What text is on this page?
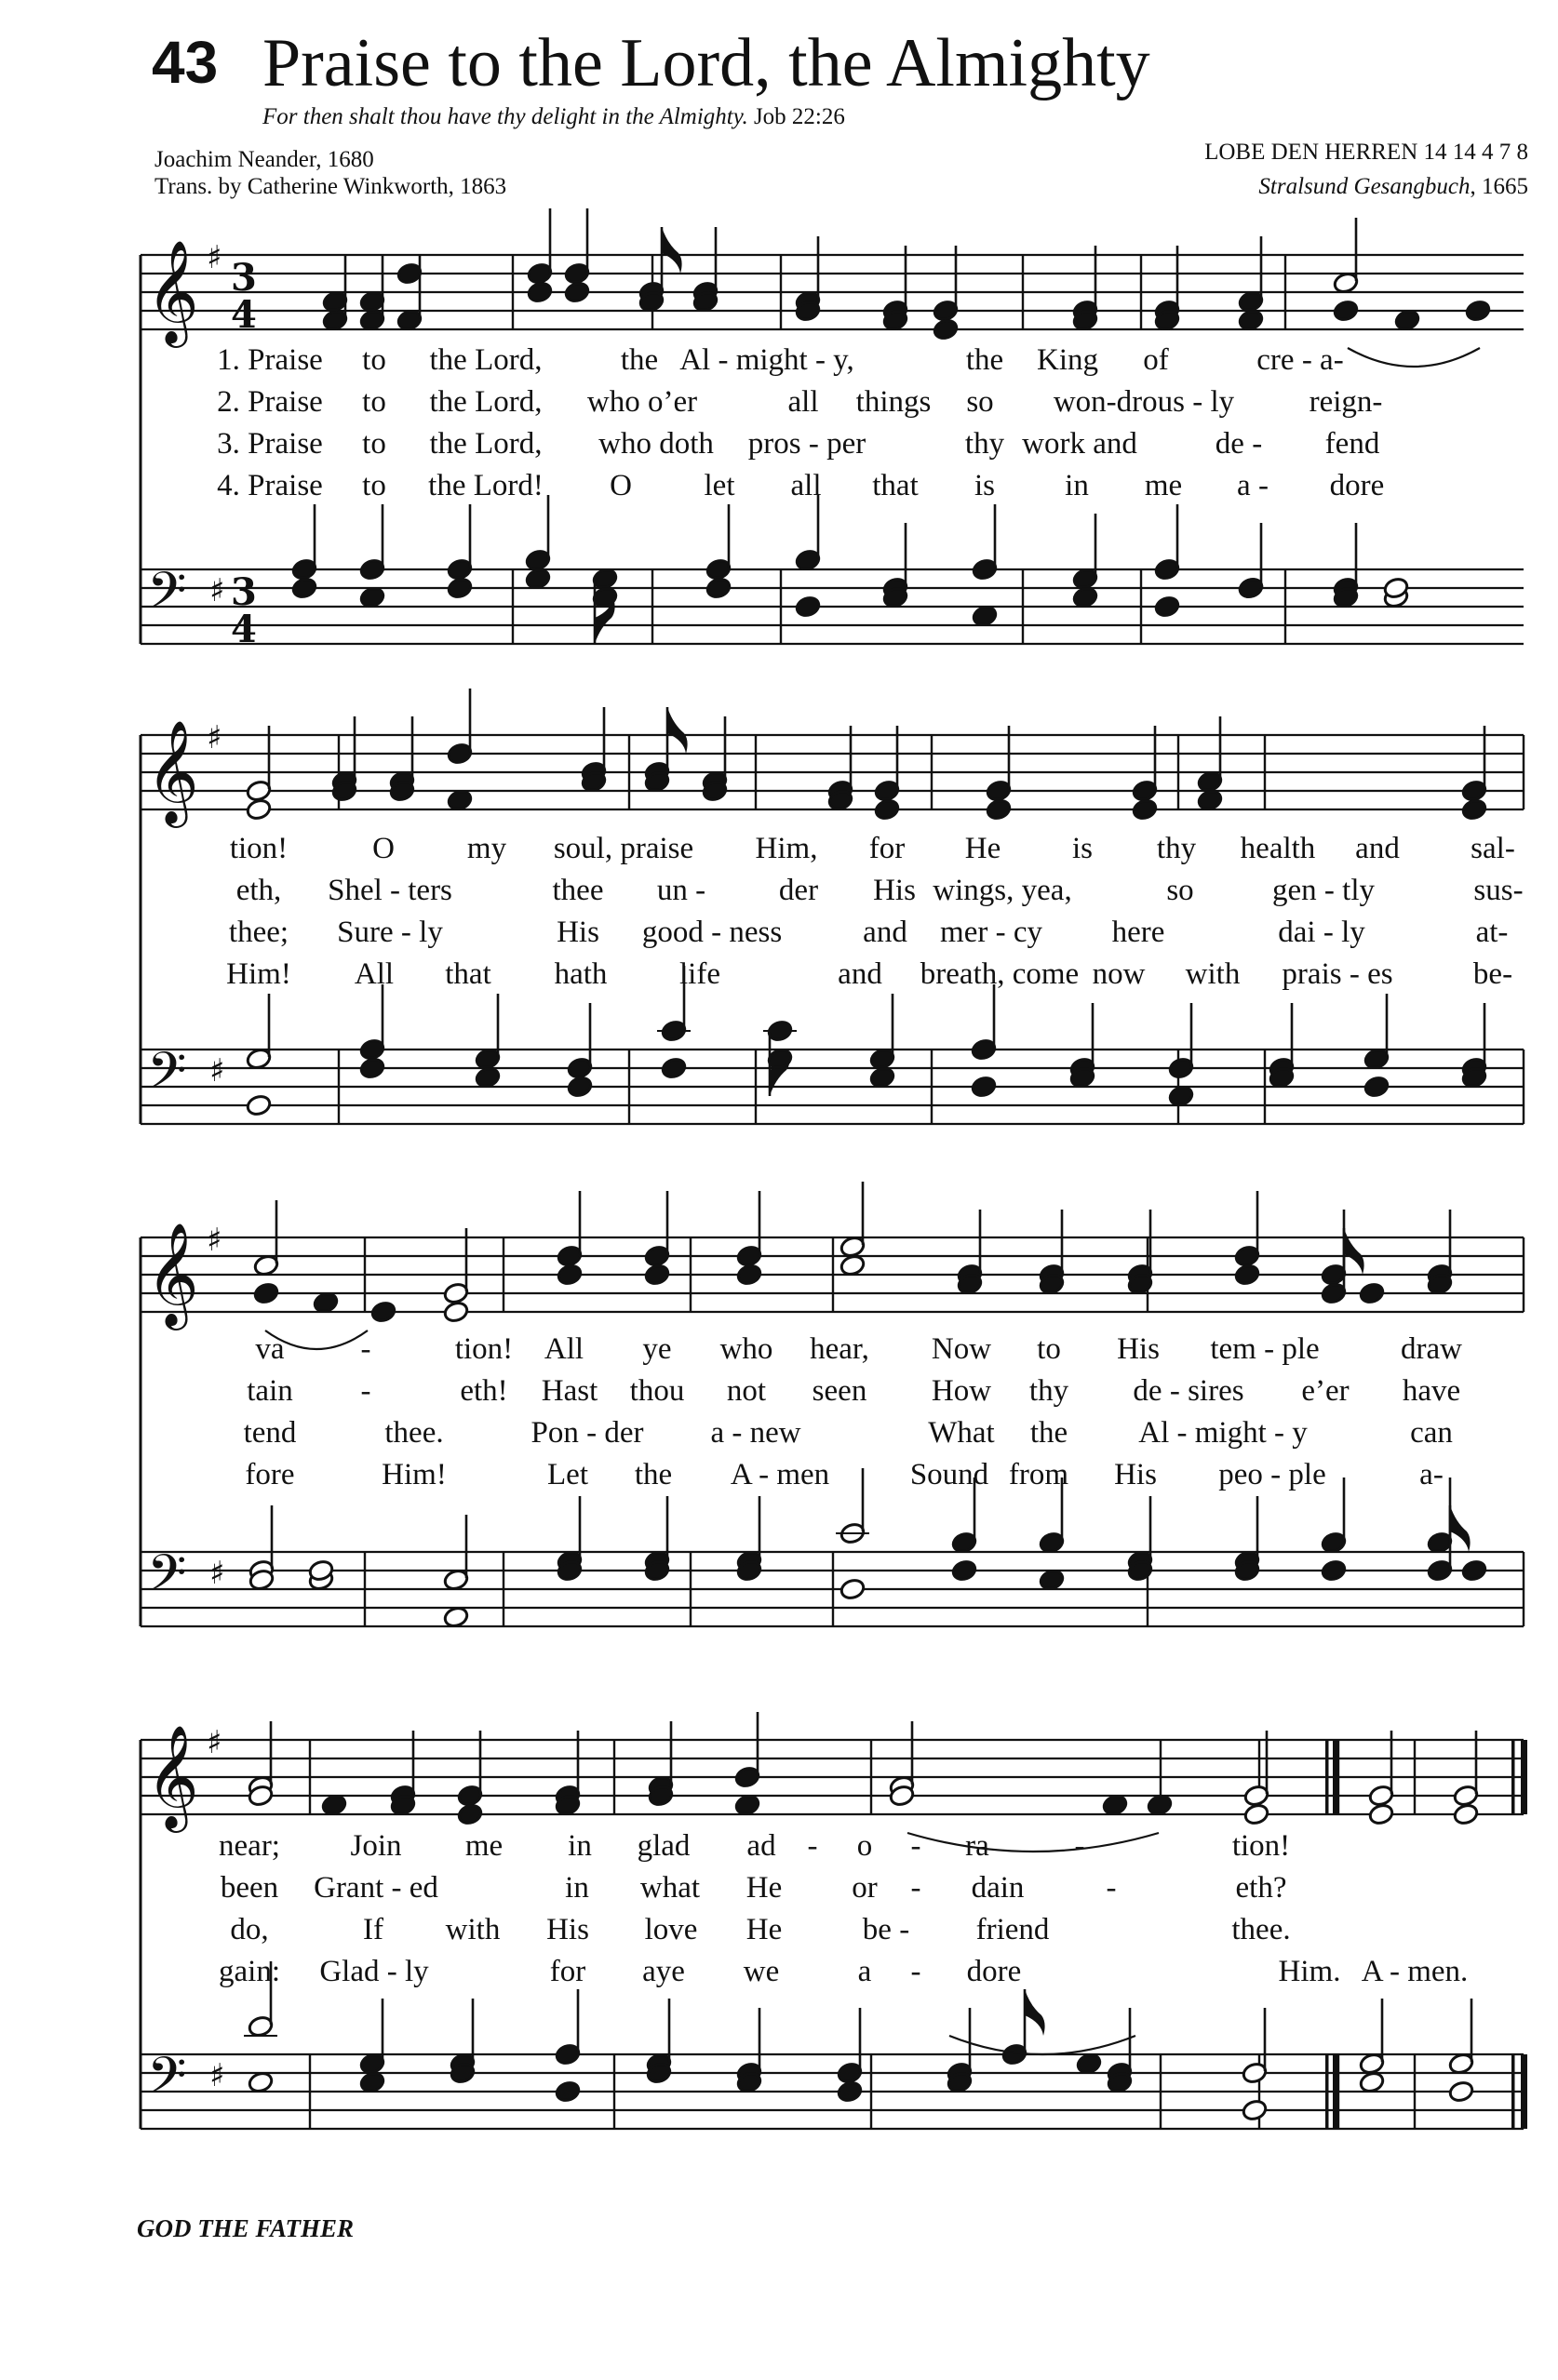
43 Praise to the Lord, the Almighty
For then shalt thou have thy delight in the Almighty. Job 22:26
Joachim Neander, 1680
Trans. by Catherine Winkworth, 1863
LOBE DEN HERREN 14 14 4 7 8
Stralsund Gesangbuch, 1665
𝄞
𝄢
♯
♯
3
4
3
4
𝄞
𝄢
♯
♯
𝄞
𝄢
♯
♯
𝄞
𝄢
♯
♯
1. Praise to the Lord,	the Al - might - y,	the King of	cre - a-
2. Praise to the Lord, who o’er	all things so won-drous - ly reign-
3. Praise to the Lord, who doth pros - per	thy work and	de - fend
4. Praise to the Lord! O let all that is in me a - dore
tion!	O my soul, praise Him, for He is thy health and sal-
eth, Shel - ters	thee un - der His wings, yea,	so	gen - tly	sus-
thee; Sure - ly	His good - ness	and mer - cy here	dai - ly	at-
Him! All that hath life	and breath, come now with prais - es	be-
va -	tion! All ye who hear, Now to His tem - ple	draw
tain -	eth! Hast thou not seen How thy de - sires e’er have
tend	thee.	Pon - der a - new	What the Al - might - y	can
fore	Him!	Let the A - men	Sound from His peo - ple	a-
near; Join me in glad ad - o - ra	-	tion!
been Grant - ed	in what He or - dain	-	eth?
do,	If with His love He	be - friend	thee.
gain: Glad - ly	for aye we	a - dore	Him. A - men.
GOD THE FATHER
